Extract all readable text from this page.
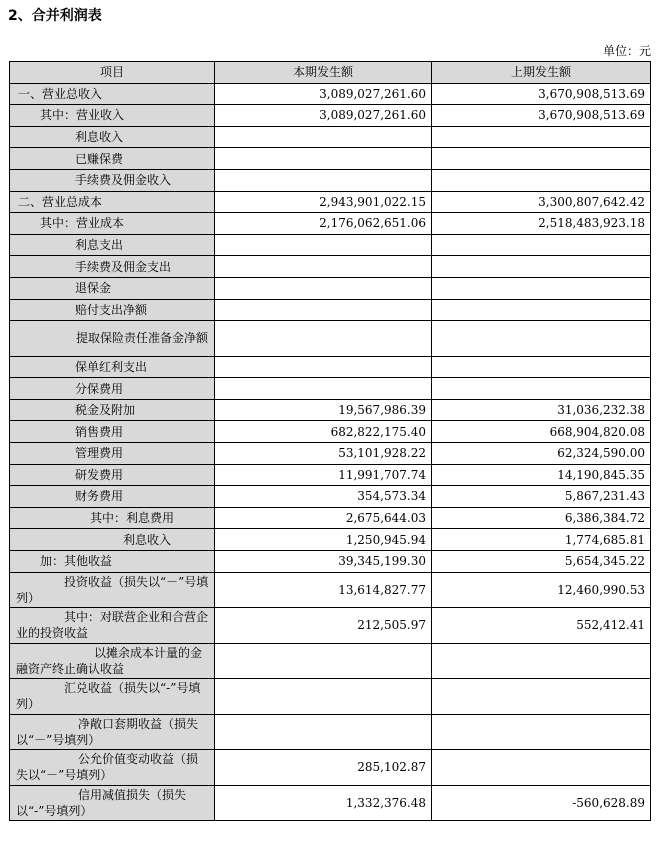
2、合并利润表
单位：元
项目	本期发生额	上期发生额
一、营业总收入	3,089,027,261.60	3,670,908,513.69
其中：营业收入	3,089,027,261.60	3,670,908,513.69
利息收入		
已赚保费		
手续费及佣金收入		
二、营业总成本	2,943,901,022.15	3,300,807,642.42
其中：营业成本	2,176,062,651.06	2,518,483,923.18
利息支出		
手续费及佣金支出		
退保金		
赔付支出净额		
提取保险责任准备金净额		
保单红利支出		
分保费用		
税金及附加	19,567,986.39	31,036,232.38
销售费用	682,822,175.40	668,904,820.08
管理费用	53,101,928.22	62,324,590.00
研发费用	11,991,707.74	14,190,845.35
财务费用	354,573.34	5,867,231.43
其中：利息费用	2,675,644.03	6,386,384.72
利息收入	1,250,945.94	1,774,685.81
加：其他收益	39,345,199.30	5,654,345.22
投资收益（损失以“－”号填列）	13,614,827.77	12,460,990.53
其中：对联营企业和合营企业的投资收益	212,505.97	552,412.41
以摊余成本计量的金融资产终止确认收益		
汇兑收益（损失以“-”号填列）		
净敞口套期收益（损失以“－”号填列）		
公允价值变动收益（损失以“－”号填列）	285,102.87	
信用减值损失（损失以“-”号填列）	1,332,376.48	-560,628.89
